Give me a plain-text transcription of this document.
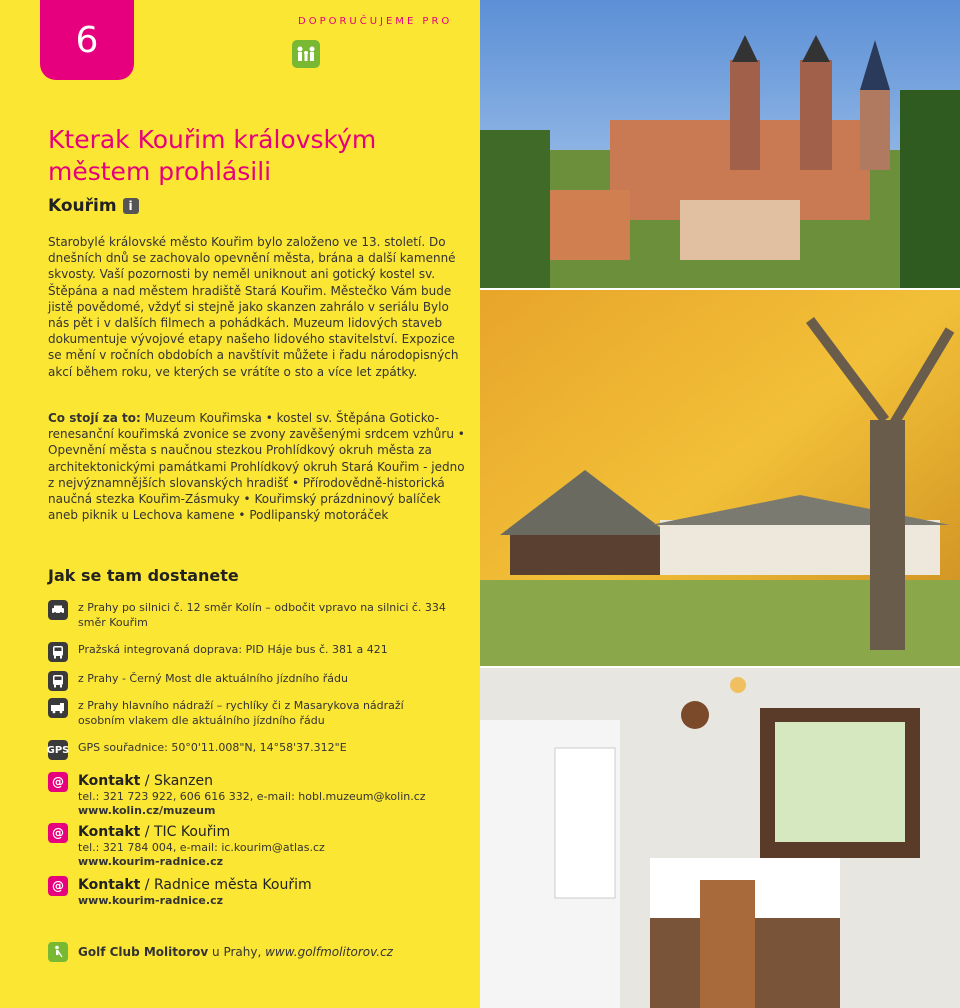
6	DOPORUČUJEME PRO
Kterak Kouřim královským městem prohlásili
Kouřim i
Starobylé královské město Kouřim bylo založeno ve 13. století. Do dnešních dnů se zachovalo opevnění města, brána a další kamenné skvosty. Vaší pozornosti by neměl uniknout ani gotický kostel sv. Štěpána a nad městem hradiště Stará Kouřim. Městečko Vám bude jistě povědomé, vždyť si stejně jako skanzen zahrálo v seriálu Bylo nás pět i v dalších filmech a pohádkách. Muzeum lidových staveb dokumentuje vývojové etapy našeho lidového stavitelství. Expozice se mění v ročních obdobích a navštívit můžete i řadu národopisných akcí během roku, ve kterých se vrátíte o sto a více let zpátky.
Co stojí za to: Muzeum Kouřimska • kostel sv. Štěpána Goticko-renesanční kouřimská zvonice se zvony zavěšenými srdcem vzhůru • Opevnění města s naučnou stezkou Prohlídkový okruh města za architektonickými památkami Prohlídkový okruh Stará Kouřim - jedno z nejvýznamnějších slovanských hradišť • Přírodovědně-historická naučná stezka Kouřim-Zásmuky • Kouřimský prázdninový balíček aneb piknik u Lechova kamene • Podlipanský motoráček
Jak se tam dostanete
z Prahy po silnici č. 12 směr Kolín – odbočit vpravo na silnici č. 334 směr Kouřim
Pražská integrovaná doprava: PID Háje bus č. 381 a 421
z Prahy - Černý Most dle aktuálního jízdního řádu
z Prahy hlavního nádraží – rychlíky či z Masarykova nádraží osobním vlakem dle aktuálního jízdního řádu
GPS GPS souřadnice: 50°0'11.008"N, 14°58'37.312"E
@ Kontakt / Skanzen
tel.: 321 723 922, 606 616 332, e-mail: hobl.muzeum@kolin.cz
www.kolin.cz/muzeum
@ Kontakt / TIC Kouřim
tel.: 321 784 004, e-mail: ic.kourim@atlas.cz
www.kourim-radnice.cz
@ Kontakt / Radnice města Kouřim
www.kourim-radnice.cz
Golf Club Molitorov u Prahy, www.golfmolitorov.cz
